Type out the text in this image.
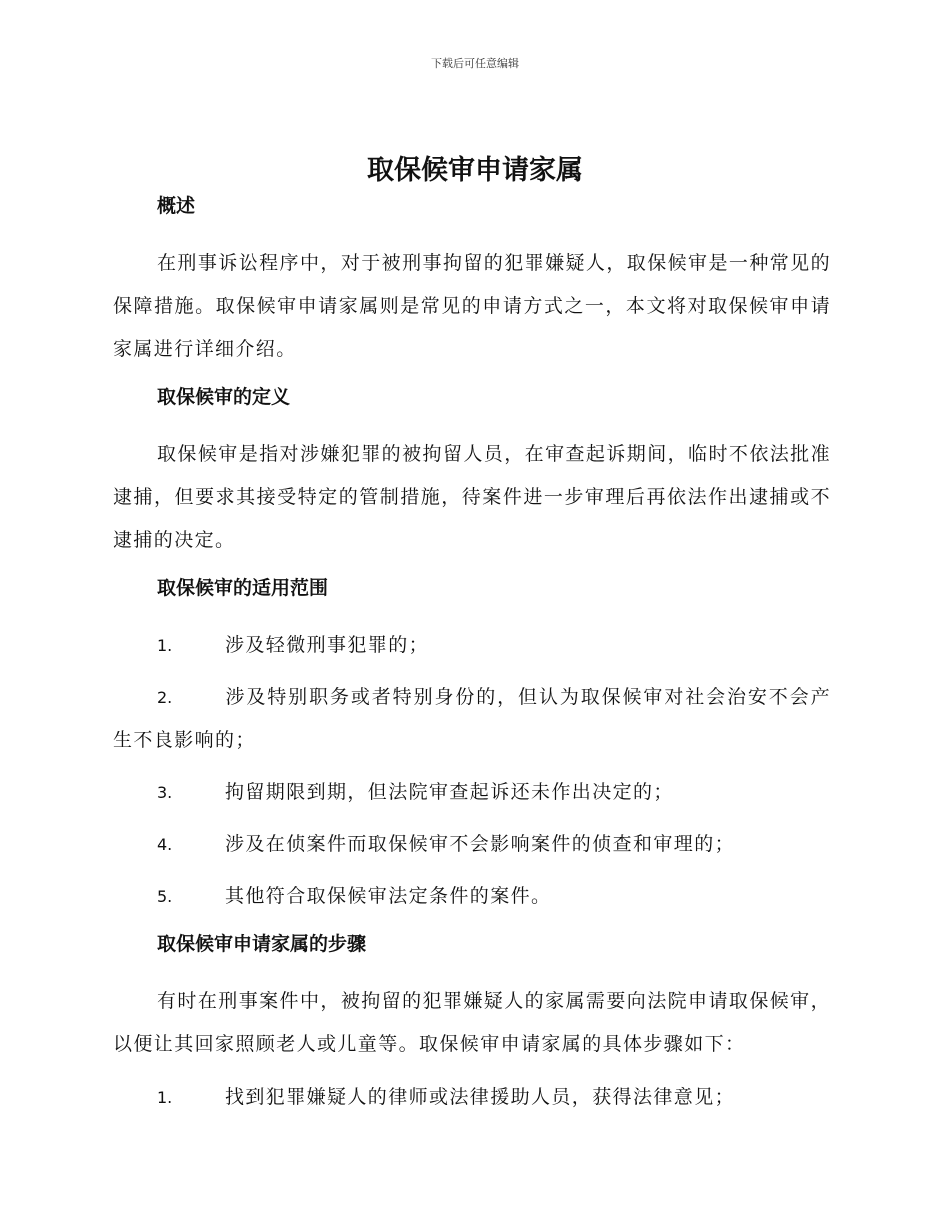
下载后可任意编辑
取保候审申请家属
概述

在刑事诉讼程序中，对于被刑事拘留的犯罪嫌疑人，取保候审是一种常见的保障措施。取保候审申请家属则是常见的申请方式之一，本文将对取保候审申请家属进行详细介绍。

取保候审的定义

取保候审是指对涉嫌犯罪的被拘留人员，在审查起诉期间，临时不依法批准逮捕，但要求其接受特定的管制措施，待案件进一步审理后再依法作出逮捕或不逮捕的决定。

取保候审的适用范围
1.	涉及轻微刑事犯罪的；
2.	涉及特别职务或者特别身份的，但认为取保候审对社会治安不会产生不良影响的；
3.	拘留期限到期，但法院审查起诉还未作出决定的；
4.	涉及在侦案件而取保候审不会影响案件的侦查和审理的；
5.	其他符合取保候审法定条件的案件。
取保候审申请家属的步骤

有时在刑事案件中，被拘留的犯罪嫌疑人的家属需要向法院申请取保候审，以便让其回家照顾老人或儿童等。取保候审申请家属的具体步骤如下：

1.	找到犯罪嫌疑人的律师或法律援助人员，获得法律意见；
